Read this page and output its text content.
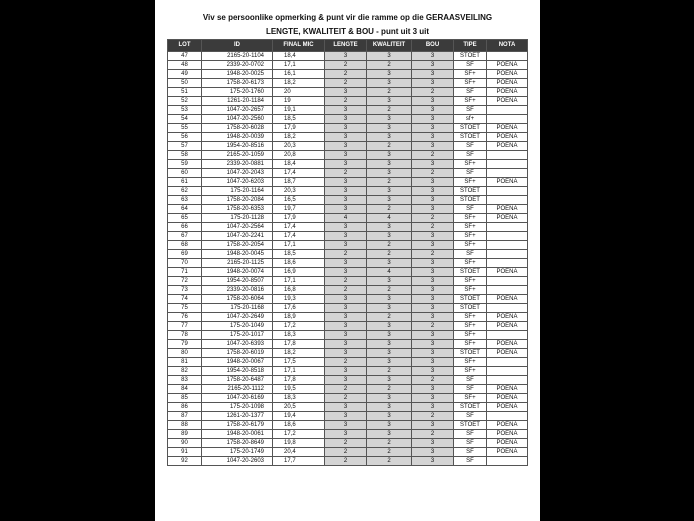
Viv se persoonlike opmerking & punt vir die ramme op die GERAASVEILING
LENGTE, KWALITEIT & BOU - punt uit 3 uit
LOT	ID	FINAL MIC	LENGTE	KWALITEIT	BOU	TIPE	NOTA
47	2165-20-1104	18,4	3	3	3	STOET	
48	2339-20-0702	17,1	2	2	3	SF	POENA
49	1948-20-0025	16,1	2	3	3	SF+	POENA
50	1758-20-6173	18,2	2	3	3	SF+	POENA
51	175-20-1760	20	3	2	2	SF	POENA
52	1261-20-1184	19	2	3	3	SF+	POENA
53	1047-20-2657	19,1	3	2	3	SF	
54	1047-20-2560	18,5	3	3	3	sf+	
55	1758-20-6028	17,9	3	3	3	STOET	POENA
56	1948-20-0039	18,2	3	3	3	STOET	POENA
57	1954-20-8516	20,3	3	2	3	SF	POENA
58	2165-20-1059	20,8	3	3	2	SF	
59	2339-20-0881	18,4	3	3	3	SF+	
60	1047-20-2043	17,4	2	3	2	SF	
61	1047-20-6203	18,7	3	2	3	SF+	POENA
62	175-20-1164	20,3	3	3	3	STOET	
63	1758-20-2084	16,5	3	3	3	STOET	
64	1758-20-6353	19,7	3	2	3	SF	POENA
65	175-20-1128	17,9	4	4	2	SF+	POENA
66	1047-20-2564	17,4	3	3	2	SF+	
67	1047-20-2241	17,4	3	3	3	SF+	
68	1758-20-2054	17,1	3	2	3	SF+	
69	1948-20-0045	18,5	2	2	2	SF	
70	2165-20-1125	18,6	3	3	3	SF+	
71	1948-20-0074	16,9	3	4	3	STOET	POENA
72	1954-20-8507	17,1	2	3	3	SF+	
73	2339-20-0816	16,8	2	2	3	SF+	
74	1758-20-6064	19,3	3	3	3	STOET	POENA
75	175-20-1168	17,6	3	3	3	STOET	
76	1047-20-2649	18,9	3	2	3	SF+	POENA
77	175-20-1049	17,2	3	3	2	SF+	POENA
78	175-20-1017	18,3	3	3	3	SF+	
79	1047-20-6393	17,8	3	3	3	SF+	POENA
80	1758-20-6019	18,2	3	3	3	STOET	POENA
81	1948-20-0067	17,5	2	3	3	SF+	
82	1954-20-8518	17,1	3	2	3	SF+	
83	1758-20-6487	17,8	3	3	2	SF	
84	2165-20-1112	19,5	2	2	3	SF	POENA
85	1047-20-6169	18,3	2	3	3	SF+	POENA
86	175-20-1098	20,5	3	3	3	STOET	POENA
87	1261-20-1377	19,4	3	3	2	SF	
88	1758-20-6179	18,6	3	3	3	STOET	POENA
89	1948-20-0061	17,2	3	3	2	SF	POENA
90	1758-20-8649	19,8	2	2	3	SF	POENA
91	175-20-1749	20,4	2	2	3	SF	POENA
92	1047-20-2603	17,7	2	2	3	SF	
